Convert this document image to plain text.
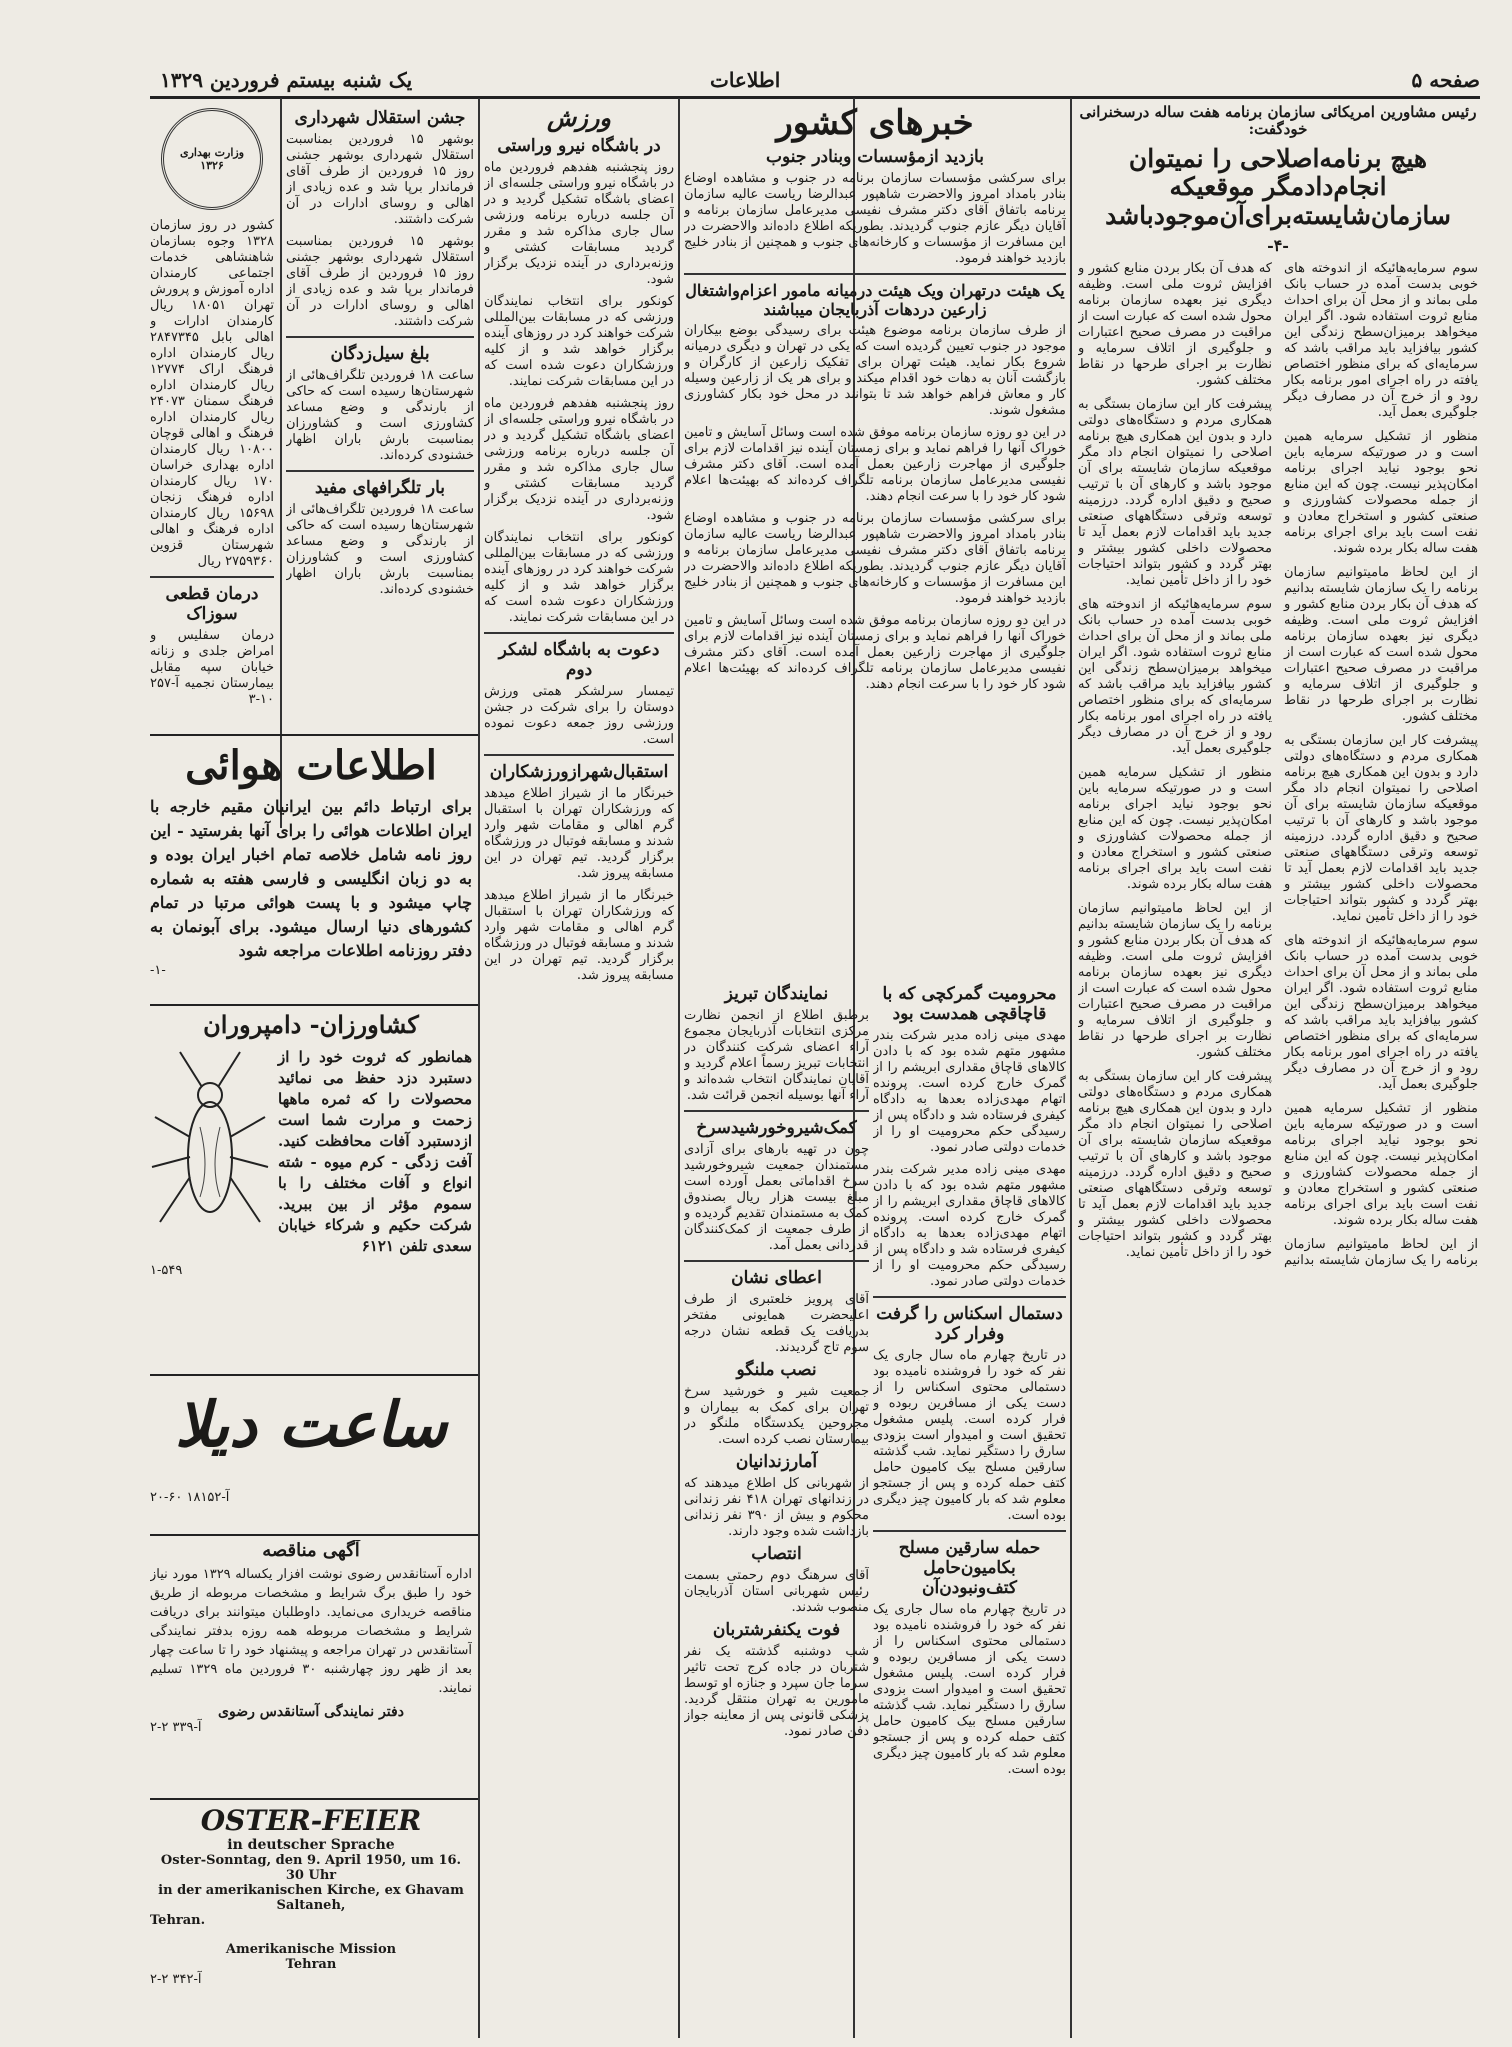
صفحه ۵
اطلاعات
یک شنبه بیستم فروردین ۱۳۲۹
رئیس مشاورین امریکائی سازمان برنامه هفت ساله درسخنرانی خودگفت:
هیچ برنامه‌اصلاحی را نمیتوان انجام‌دادمگر موقعیکه سازمان‌شایسته‌برای‌آن‌موجودباشد
-۴-

سوم سرمایه‌هائیکه از اندوخته های خوبی بدست آمده در حساب بانک ملی بماند و از محل آن برای احداث منابع ثروت استفاده شود. اگر ایران میخواهد برمیزان‌سطح زندگی این کشور بیافزاید باید مراقب باشد که سرمایه‌ای که برای منظور اختصاص یافته در راه اجرای امور برنامه بکار رود و از خرج آن در مصارف دیگر جلوگیری بعمل آید.

منظور از تشکیل سرمایه همین است و در صورتیکه سرمایه باین نحو بوجود نیاید اجرای برنامه امکان‌پذیر نیست. چون که این منابع از جمله محصولات کشاورزی و صنعتی کشور و استخراج معادن و نفت است باید برای اجرای برنامه هفت ساله بکار برده شوند.

از این لحاظ مامیتوانیم سازمان برنامه را یک سازمان شایسته بدانیم که هدف آن بکار بردن منابع کشور و افزایش ثروت ملی است. وظیفه دیگری نیز بعهده سازمان برنامه محول شده است که عبارت است از مراقبت در مصرف صحیح اعتبارات و جلوگیری از اتلاف سرمایه و نظارت بر اجرای طرحها در نقاط مختلف کشور.

پیشرفت کار این سازمان بستگی به همکاری مردم و دستگاه‌های دولتی دارد و بدون این همکاری هیچ برنامه اصلاحی را نمیتوان انجام داد مگر موقعیکه سازمان شایسته برای آن موجود باشد و کارهای آن با ترتیب صحیح و دقیق اداره گردد. درزمینه توسعه وترقی دستگاههای صنعتی جدید باید اقدامات لازم بعمل آید تا محصولات داخلی کشور بیشتر و بهتر گردد و کشور بتواند احتیاجات خود را از داخل تأمین نماید.

سوم سرمایه‌هائیکه از اندوخته های خوبی بدست آمده در حساب بانک ملی بماند و از محل آن برای احداث منابع ثروت استفاده شود. اگر ایران میخواهد برمیزان‌سطح زندگی این کشور بیافزاید باید مراقب باشد که سرمایه‌ای که برای منظور اختصاص یافته در راه اجرای امور برنامه بکار رود و از خرج آن در مصارف دیگر جلوگیری بعمل آید.

منظور از تشکیل سرمایه همین است و در صورتیکه سرمایه باین نحو بوجود نیاید اجرای برنامه امکان‌پذیر نیست. چون که این منابع از جمله محصولات کشاورزی و صنعتی کشور و استخراج معادن و نفت است باید برای اجرای برنامه هفت ساله بکار برده شوند.

از این لحاظ مامیتوانیم سازمان برنامه را یک سازمان شایسته بدانیم که هدف آن بکار بردن منابع کشور و افزایش ثروت ملی است. وظیفه دیگری نیز بعهده سازمان برنامه محول شده است که عبارت است از مراقبت در مصرف صحیح اعتبارات و جلوگیری از اتلاف سرمایه و نظارت بر اجرای طرحها در نقاط مختلف کشور.

پیشرفت کار این سازمان بستگی به همکاری مردم و دستگاه‌های دولتی دارد و بدون این همکاری هیچ برنامه اصلاحی را نمیتوان انجام داد مگر موقعیکه سازمان شایسته برای آن موجود باشد و کارهای آن با ترتیب صحیح و دقیق اداره گردد. درزمینه توسعه وترقی دستگاههای صنعتی جدید باید اقدامات لازم بعمل آید تا محصولات داخلی کشور بیشتر و بهتر گردد و کشور بتواند احتیاجات خود را از داخل تأمین نماید.

سوم سرمایه‌هائیکه از اندوخته های خوبی بدست آمده در حساب بانک ملی بماند و از محل آن برای احداث منابع ثروت استفاده شود. اگر ایران میخواهد برمیزان‌سطح زندگی این کشور بیافزاید باید مراقب باشد که سرمایه‌ای که برای منظور اختصاص یافته در راه اجرای امور برنامه بکار رود و از خرج آن در مصارف دیگر جلوگیری بعمل آید.

منظور از تشکیل سرمایه همین است و در صورتیکه سرمایه باین نحو بوجود نیاید اجرای برنامه امکان‌پذیر نیست. چون که این منابع از جمله محصولات کشاورزی و صنعتی کشور و استخراج معادن و نفت است باید برای اجرای برنامه هفت ساله بکار برده شوند.

از این لحاظ مامیتوانیم سازمان برنامه را یک سازمان شایسته بدانیم که هدف آن بکار بردن منابع کشور و افزایش ثروت ملی است. وظیفه دیگری نیز بعهده سازمان برنامه محول شده است که عبارت است از مراقبت در مصرف صحیح اعتبارات و جلوگیری از اتلاف سرمایه و نظارت بر اجرای طرحها در نقاط مختلف کشور.

پیشرفت کار این سازمان بستگی به همکاری مردم و دستگاه‌های دولتی دارد و بدون این همکاری هیچ برنامه اصلاحی را نمیتوان انجام داد مگر موقعیکه سازمان شایسته برای آن موجود باشد و کارهای آن با ترتیب صحیح و دقیق اداره گردد. درزمینه توسعه وترقی دستگاههای صنعتی جدید باید اقدامات لازم بعمل آید تا محصولات داخلی کشور بیشتر و بهتر گردد و کشور بتواند احتیاجات خود را از داخل تأمین نماید.

خبرهای کشور
بازدید ازمؤسسات وبنادر جنوب
برای سرکشی مؤسسات سازمان برنامه در جنوب و مشاهده اوضاع بنادر بامداد امروز والاحضرت شاهپور عبدالرضا ریاست عالیه سازمان برنامه باتفاق آقای دکتر مشرف نفیسی مدیرعامل سازمان برنامه و آقایان دیگر عازم جنوب گردیدند. بطوریکه اطلاع داده‌اند والاحضرت در این مسافرت از مؤسسات و کارخانه‌های جنوب و همچنین از بنادر خلیج بازدید خواهند فرمود.
یک هیئت درتهران ویک هیئت درمیانه مامور اعزام‌واشتغال زارعین دردهات آذربایجان میباشند
از طرف سازمان برنامه موضوع هیئت برای رسیدگی بوضع بیکاران موجود در جنوب تعیین گردیده است که یکی در تهران و دیگری درمیانه شروع بکار نماید. هیئت تهران برای تفکیک زارعین از کارگران و بازگشت آنان به دهات خود اقدام میکند و برای هر یک از زارعین وسیله کار و معاش فراهم خواهد شد تا بتوانند در محل خود بکار کشاورزی مشغول شوند.
در این دو روزه سازمان برنامه موفق شده است وسائل آسایش و تامین خوراک آنها را فراهم نماید و برای زمستان آینده نیز اقدامات لازم برای جلوگیری از مهاجرت زارعین بعمل آمده است. آقای دکتر مشرف نفیسی مدیرعامل سازمان برنامه تلگراف کرده‌اند که بهیئت‌ها اعلام شود کار خود را با سرعت انجام دهند.
برای سرکشی مؤسسات سازمان برنامه در جنوب و مشاهده اوضاع بنادر بامداد امروز والاحضرت شاهپور عبدالرضا ریاست عالیه سازمان برنامه باتفاق آقای دکتر مشرف نفیسی مدیرعامل سازمان برنامه و آقایان دیگر عازم جنوب گردیدند. بطوریکه اطلاع داده‌اند والاحضرت در این مسافرت از مؤسسات و کارخانه‌های جنوب و همچنین از بنادر خلیج بازدید خواهند فرمود.
در این دو روزه سازمان برنامه موفق شده است وسائل آسایش و تامین خوراک آنها را فراهم نماید و برای زمستان آینده نیز اقدامات لازم برای جلوگیری از مهاجرت زارعین بعمل آمده است. آقای دکتر مشرف نفیسی مدیرعامل سازمان برنامه تلگراف کرده‌اند که بهیئت‌ها اعلام شود کار خود را با سرعت انجام دهند.
نمایندگان تبریز
برطبق اطلاع از انجمن نظارت مرکزی انتخابات آذربایجان مجموع آراء اعضای شرکت کنندگان در انتخابات تبریز رسماً اعلام گردید و آقایان نمایندگان انتخاب شده‌اند و آراء آنها بوسیله انجمن قرائت شد.
کمک‌شیروخورشیدسرخ
چون در تهیه بارهای برای آزادی مستمندان جمعیت شیروخورشید سرخ اقداماتی بعمل آورده است مبلغ بیست هزار ریال بصندوق کمک به مستمندان تقدیم گردیده و از طرف جمعیت از کمک‌کنندگان قدردانی بعمل آمد.
اعطای نشان
آقای پرویز خلعتبری از طرف اعلیحضرت همایونی مفتخر بدریافت یک قطعه نشان درجه سوم تاج گردیدند.
نصب ملنگو
جمعیت شیر و خورشید سرخ تهران برای کمک به بیماران و مجروحین یکدستگاه ملنگو در بیمارستان نصب کرده است.
آمارزندانیان
از شهربانی کل اطلاع میدهند که در زندانهای تهران ۴۱۸ نفر زندانی محکوم و بیش از ۳۹۰ نفر زندانی بازداشت شده وجود دارند.
انتصاب
آقای سرهنگ دوم رحمتی بسمت رئیس شهربانی استان آذربایجان منصوب شدند.
فوت یکنفرشتربان
شب دوشنبه گذشته یک نفر شتربان در جاده کرج تحت تاثیر سرما جان سپرد و جنازه او توسط مامورین به تهران منتقل گردید. پزشکی قانونی پس از معاینه جواز دفن صادر نمود.
محرومیت گمرکچی که با قاچاقچی همدست بود
مهدی مینی زاده مدیر شرکت بندر مشهور متهم شده بود که با دادن کالاهای قاچاق مقداری ابریشم را از گمرک خارج کرده است. پرونده اتهام مهدی‌زاده بعدها به دادگاه کیفری فرستاده شد و دادگاه پس از رسیدگی حکم محرومیت او را از خدمات دولتی صادر نمود.
مهدی مینی زاده مدیر شرکت بندر مشهور متهم شده بود که با دادن کالاهای قاچاق مقداری ابریشم را از گمرک خارج کرده است. پرونده اتهام مهدی‌زاده بعدها به دادگاه کیفری فرستاده شد و دادگاه پس از رسیدگی حکم محرومیت او را از خدمات دولتی صادر نمود.
دستمال اسکناس را گرفت وفرار کرد
در تاریخ چهارم ماه سال جاری یک نفر که خود را فروشنده نامیده بود دستمالی محتوی اسکناس را از دست یکی از مسافرین ربوده و فرار کرده است. پلیس مشغول تحقیق است و امیدوار است بزودی سارق را دستگیر نماید. شب گذشته سارقین مسلح بیک کامیون حامل کتف حمله کرده و پس از جستجو معلوم شد که بار کامیون چیز دیگری بوده است.
حمله سارقین مسلح بکامیون‌حامل کتف‌ونبودن‌آن
در تاریخ چهارم ماه سال جاری یک نفر که خود را فروشنده نامیده بود دستمالی محتوی اسکناس را از دست یکی از مسافرین ربوده و فرار کرده است. پلیس مشغول تحقیق است و امیدوار است بزودی سارق را دستگیر نماید. شب گذشته سارقین مسلح بیک کامیون حامل کتف حمله کرده و پس از جستجو معلوم شد که بار کامیون چیز دیگری بوده است.
ورزش
در باشگاه نیرو وراستی
روز پنجشنبه هفدهم فروردین ماه در باشگاه نیرو وراستی جلسه‌ای از اعضای باشگاه تشکیل گردید و در آن جلسه درباره برنامه ورزشی سال جاری مذاکره شد و مقرر گردید مسابقات کشتی و وزنه‌برداری در آینده نزدیک برگزار شود.
کونکور برای انتخاب نمایندگان ورزشی که در مسابقات بین‌المللی شرکت خواهند کرد در روزهای آینده برگزار خواهد شد و از کلیه ورزشکاران دعوت شده است که در این مسابقات شرکت نمایند.
روز پنجشنبه هفدهم فروردین ماه در باشگاه نیرو وراستی جلسه‌ای از اعضای باشگاه تشکیل گردید و در آن جلسه درباره برنامه ورزشی سال جاری مذاکره شد و مقرر گردید مسابقات کشتی و وزنه‌برداری در آینده نزدیک برگزار شود.
کونکور برای انتخاب نمایندگان ورزشی که در مسابقات بین‌المللی شرکت خواهند کرد در روزهای آینده برگزار خواهد شد و از کلیه ورزشکاران دعوت شده است که در این مسابقات شرکت نمایند.
دعوت به باشگاه لشکر دوم
تیمسار سرلشکر همتی ورزش دوستان را برای شرکت در جشن ورزشی روز جمعه دعوت نموده است.
استقبال‌شهرازورزشکاران
خبرنگار ما از شیراز اطلاع میدهد که ورزشکاران تهران با استقبال گرم اهالی و مقامات شهر وارد شدند و مسابقه فوتبال در ورزشگاه برگزار گردید. تیم تهران در این مسابقه پیروز شد.
خبرنگار ما از شیراز اطلاع میدهد که ورزشکاران تهران با استقبال گرم اهالی و مقامات شهر وارد شدند و مسابقه فوتبال در ورزشگاه برگزار گردید. تیم تهران در این مسابقه پیروز شد.
جشن استقلال شهرداری
بوشهر ۱۵ فروردین بمناسبت استقلال شهرداری بوشهر جشنی روز ۱۵ فروردین از طرف آقای فرماندار برپا شد و عده زیادی از اهالی و روسای ادارات در آن شرکت داشتند.
بوشهر ۱۵ فروردین بمناسبت استقلال شهرداری بوشهر جشنی روز ۱۵ فروردین از طرف آقای فرماندار برپا شد و عده زیادی از اهالی و روسای ادارات در آن شرکت داشتند.
بلغ سیل‌زدگان
ساعت ۱۸ فروردین تلگراف‌هائی از شهرستان‌ها رسیده است که حاکی از بارندگی و وضع مساعد کشاورزی است و کشاورزان بمناسبت بارش باران اظهار خشنودی کرده‌اند.
بار تلگرافهای مفید
ساعت ۱۸ فروردین تلگراف‌هائی از شهرستان‌ها رسیده است که حاکی از بارندگی و وضع مساعد کشاورزی است و کشاورزان بمناسبت بارش باران اظهار خشنودی کرده‌اند.
وزارت بهداری
۱۳۲۶
کشور در روز سازمان ۱۳۲۸ وجوه بسازمان شاهنشاهی خدمات اجتماعی کارمندان اداره آموزش و پرورش تهران ۱۸۰۵۱ ریال کارمندان ادارات و اهالی بابل ۲۸۴۷۳۴۵ ریال کارمندان اداره فرهنگ اراک ۱۲۷۷۴ ریال کارمندان اداره فرهنگ سمنان ۲۴۰۷۳ ریال کارمندان اداره فرهنگ و اهالی قوچان ۱۰۸۰۰ ریال کارمندان اداره بهداری خراسان ۱۷۰ ریال کارمندان اداره فرهنگ زنجان ۱۵۶۹۸ ریال کارمندان اداره فرهنگ و اهالی شهرستان قزوین ۲۷۵۹۳۶۰ ریال
درمان قطعی سوزاک
درمان سفلیس و امراض جلدی و زنانه خیابان سپه مقابل بیمارستان نجمیه آ-۲۵۷ ۱۰-۳
اطلاعات هوائی
برای ارتباط دائم بین ایرانیان مقیم خارجه با ایران اطلاعات هوائی را برای آنها بفرستید - این روز نامه شامل خلاصه تمام اخبار ایران بوده و به دو زبان انگلیسی و فارسی هفته به شماره چاپ میشود و با پست هوائی مرتبا در تمام کشورهای دنیا ارسال میشود. برای آبونمان به دفتر روزنامه اطلاعات مراجعه شود
-۱-
کشاورزان- دامپروران
همانطور که ثروت خود را از دستبرد دزد حفظ می نمائید محصولات را که ثمره ماهها زحمت و مرارت شما است ازدستبرد آفات محافظت کنید. آفت زدگی - کرم میوه - شته انواع و آفات مختلف را با سموم مؤثر از بین ببرید. شرکت حکیم و شرکاء خیابان سعدی تلفن ۶۱۲۱
۱-۵۴۹
ساعت دیلا
آ-۱۸۱۵۲ ۶۰-۲۰
آگهی مناقصه
اداره آستانقدس رضوی نوشت افزار یکساله ۱۳۲۹ مورد نیاز خود را طبق برگ شرایط و مشخصات مربوطه از طریق مناقصه خریداری می‌نماید. داوطلبان میتوانند برای دریافت شرایط و مشخصات مربوطه همه روزه بدفتر نمایندگی آستانقدس در تهران مراجعه و پیشنهاد خود را تا ساعت چهار بعد از ظهر روز چهارشنبه ۳۰ فروردین ماه ۱۳۲۹ تسلیم نمایند.
دفتر نمایندگی آستانقدس رضوی
آ-۳۳۹ ۲-۲
OSTER-FEIER
in deutscher Sprache
Oster-Sonntag, den 9. April 1950, um 16. 30 Uhr
in der amerikanischen Kirche, ex Ghavam Saltaneh,
Tehran.
Amerikanische Mission
Tehran
آ-۳۴۲ ۲-۲
